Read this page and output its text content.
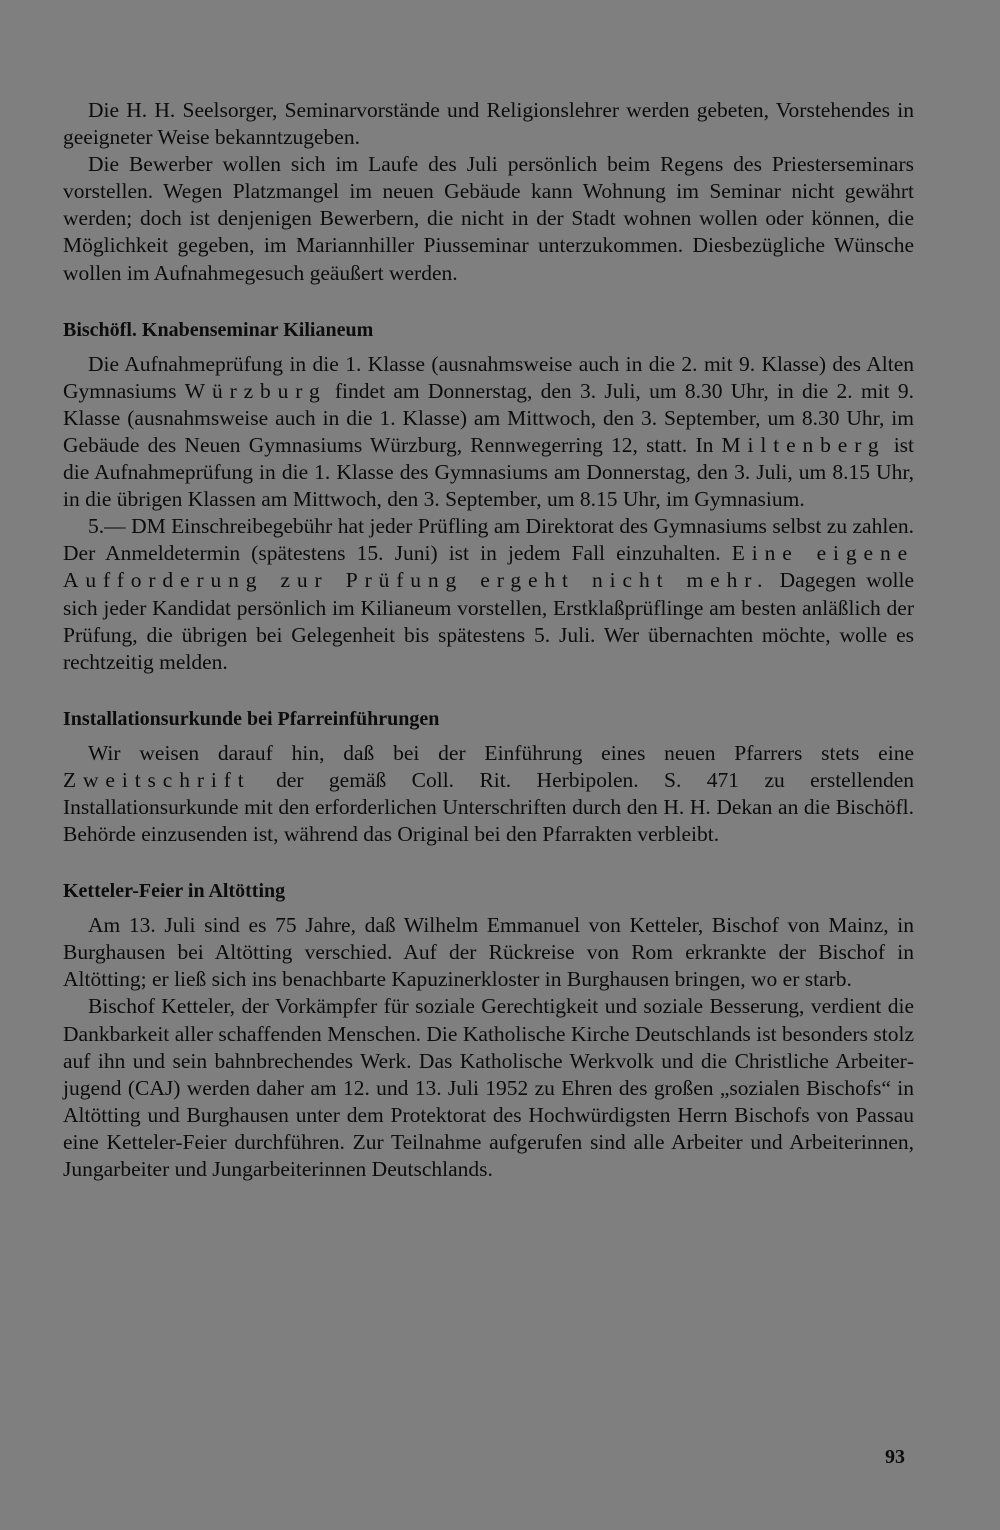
Die H. H. Seelsorger, Seminarvorstände und Religionslehrer werden gebeten, Vorstehendes in geeigneter Weise bekanntzugeben.

Die Bewerber wollen sich im Laufe des Juli persönlich beim Regens des Priesterseminars vorstellen. Wegen Platzmangel im neuen Gebäude kann Wohnung im Seminar nicht gewährt werden; doch ist denjenigen Bewerbern, die nicht in der Stadt wohnen wollen oder können, die Möglichkeit gegeben, im Mariannhiller Piusseminar unterzukommen. Diesbezügliche Wünsche wollen im Aufnahmegesuch geäußert werden.

Bischöfl. Knabenseminar Kilianeum

Die Aufnahmeprüfung in die 1. Klasse (ausnahmsweise auch in die 2. mit 9. Klasse) des Alten Gymnasiums Würzburg findet am Donnerstag, den 3. Juli, um 8.30 Uhr, in die 2. mit 9. Klasse (ausnahmsweise auch in die 1. Klasse) am Mittwoch, den 3. September, um 8.30 Uhr, im Gebäude des Neuen Gymnasiums Würzburg, Rennwegerring 12, statt. In Miltenberg ist die Aufnahmeprüfung in die 1. Klasse des Gymnasiums am Donnerstag, den 3. Juli, um 8.15 Uhr, in die übrigen Klassen am Mittwoch, den 3. September, um 8.15 Uhr, im Gymnasium.

5.— DM Einschreibegebühr hat jeder Prüfling am Direktorat des Gymnasiums selbst zu zahlen. Der Anmeldetermin (spätestens 15. Juni) ist in jedem Fall einzuhalten. Eine eigene Aufforderung zur Prüfung ergeht nicht mehr. Dagegen wolle sich jeder Kandidat persönlich im Kilianeum vorstellen, Erstklaßprüflinge am besten anläßlich der Prüfung, die übrigen bei Gelegenheit bis spätestens 5. Juli. Wer übernachten möchte, wolle es rechtzeitig melden.

Installationsurkunde bei Pfarreinführungen

Wir weisen darauf hin, daß bei der Einführung eines neuen Pfarrers stets eine Zweitschrift der gemäß Coll. Rit. Herbipolen. S. 471 zu erstellenden Installationsurkunde mit den erforderlichen Unterschriften durch den H. H. Dekan an die Bischöfl. Behörde einzusenden ist, während das Original bei den Pfarrakten verbleibt.

Ketteler-Feier in Altötting

Am 13. Juli sind es 75 Jahre, daß Wilhelm Emmanuel von Ketteler, Bischof von Mainz, in Burghausen bei Altötting verschied. Auf der Rückreise von Rom erkrankte der Bischof in Altötting; er ließ sich ins benachbarte Kapuzinerkloster in Burghausen bringen, wo er starb.

Bischof Ketteler, der Vorkämpfer für soziale Gerechtigkeit und soziale Besserung, verdient die Dankbarkeit aller schaffenden Menschen. Die Katholische Kirche Deutschlands ist besonders stolz auf ihn und sein bahnbrechendes Werk. Das Katholische Werkvolk und die Christliche Arbeiterjugend (CAJ) werden daher am 12. und 13. Juli 1952 zu Ehren des großen „sozialen Bischofs“ in Altötting und Burghausen unter dem Protektorat des Hochwürdigsten Herrn Bischofs von Passau eine Ketteler-Feier durchführen. Zur Teilnahme aufgerufen sind alle Arbeiter und Arbeiterinnen, Jungarbeiter und Jungarbeiterinnen Deutschlands.

93
